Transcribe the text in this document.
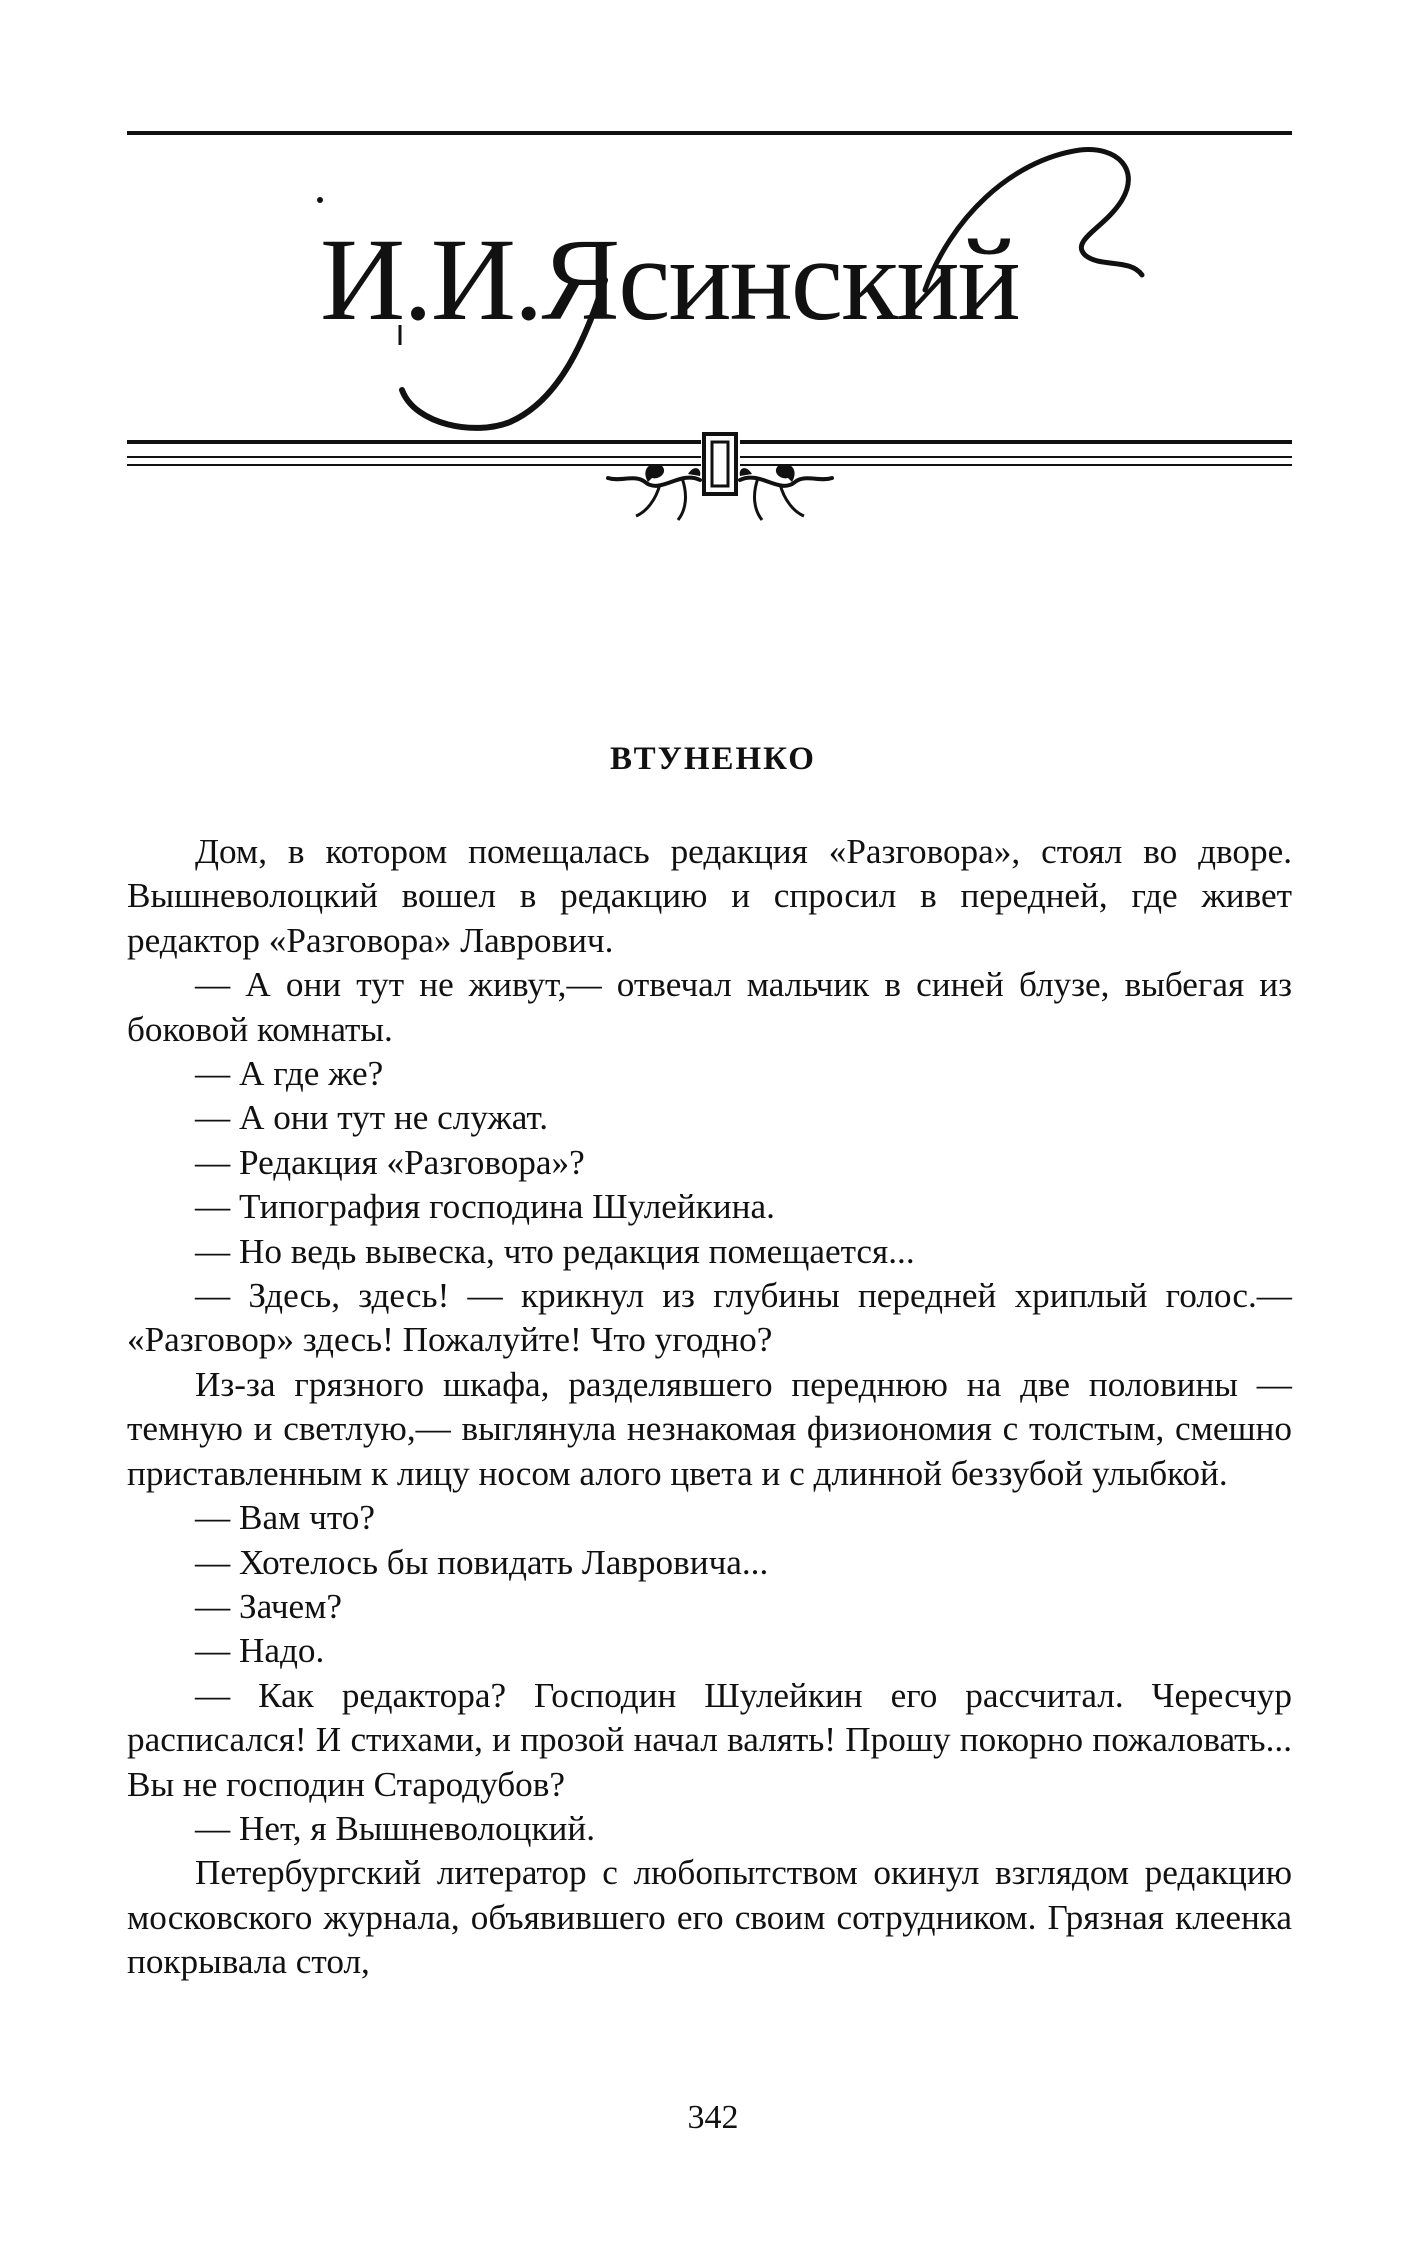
И.И.Ясинский
ВТУНЕНКО

Дом, в котором помещалась редакция «Разговора», стоял во дворе. Вышневолоцкий вошел в редакцию и спросил в передней, где живет редактор «Разговора» Лаврович.

— А они тут не живут,— отвечал мальчик в синей блузе, выбегая из боковой комнаты.

— А где же?

— А они тут не служат.

— Редакция «Разговора»?

— Типография господина Шулейкина.

— Но ведь вывеска, что редакция помещается...

— Здесь, здесь! — крикнул из глубины передней хриплый голос.— «Разговор» здесь! Пожалуйте! Что угодно?

Из-за грязного шкафа, разделявшего переднюю на две половины — темную и светлую,— выглянула незнакомая физиономия с толстым, смешно приставленным к лицу носом алого цвета и с длинной беззубой улыбкой.

— Вам что?

— Хотелось бы повидать Лавровича...

— Зачем?

— Надо.

— Как редактора? Господин Шулейкин его рассчитал. Чересчур расписался! И стихами, и прозой начал валять! Прошу покорно пожаловать... Вы не господин Стародубов?

— Нет, я Вышневолоцкий.

Петербургский литератор с любопытством окинул взглядом редакцию московского журнала, объявившего его своим сотрудником. Грязная клеенка покрывала стол,

342
